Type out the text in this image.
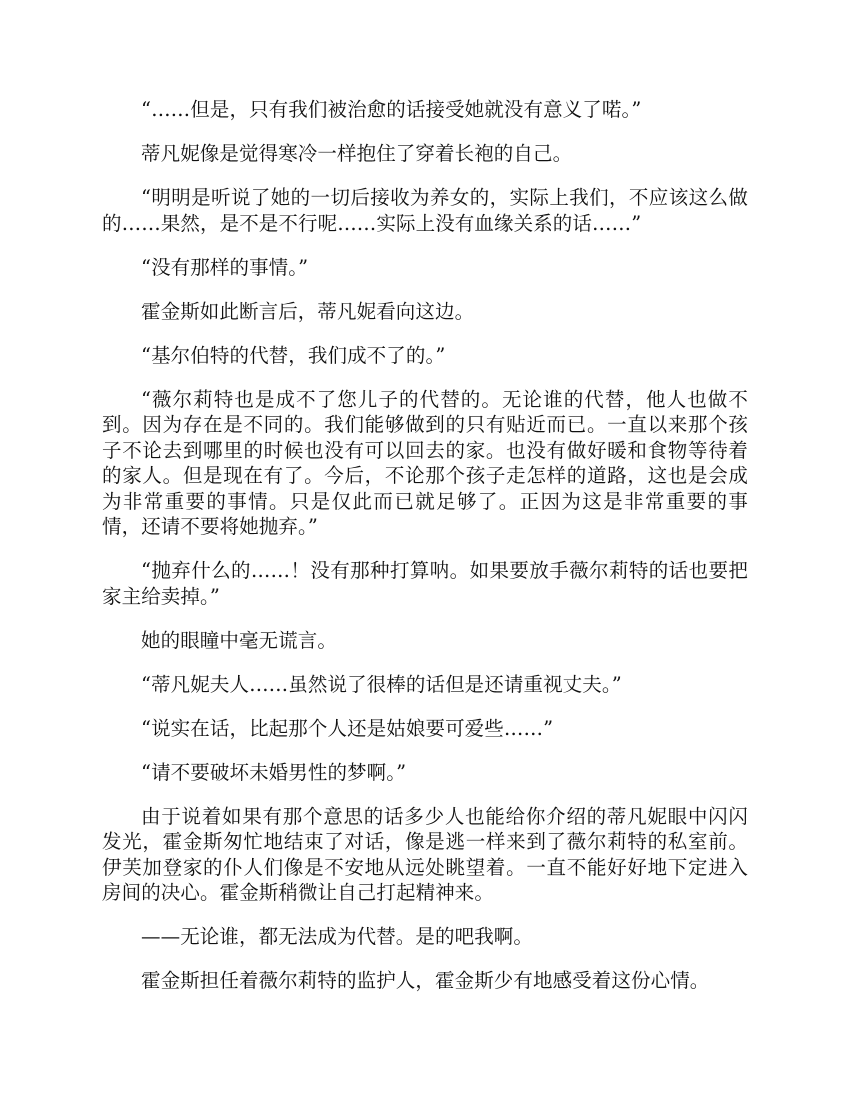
“……但是，只有我们被治愈的话接受她就没有意义了喏。”

蒂凡妮像是觉得寒冷一样抱住了穿着长袍的自己。

“明明是听说了她的一切后接收为养女的，实际上我们，不应该这么做的……果然，是不是不行呢……实际上没有血缘关系的话……”

“没有那样的事情。”

霍金斯如此断言后，蒂凡妮看向这边。

“基尔伯特的代替，我们成不了的。”

“薇尔莉特也是成不了您儿子的代替的。无论谁的代替，他人也做不到。因为存在是不同的。我们能够做到的只有贴近而已。一直以来那个孩子不论去到哪里的时候也没有可以回去的家。也没有做好暖和食物等待着的家人。但是现在有了。今后，不论那个孩子走怎样的道路，这也是会成为非常重要的事情。只是仅此而已就足够了。正因为这是非常重要的事情，还请不要将她抛弃。”

“抛弃什么的……！没有那种打算呐。如果要放手薇尔莉特的话也要把家主给卖掉。”

她的眼瞳中毫无谎言。

“蒂凡妮夫人……虽然说了很棒的话但是还请重视丈夫。”

“说实在话，比起那个人还是姑娘要可爱些……”

“请不要破坏未婚男性的梦啊。”

由于说着如果有那个意思的话多少人也能给你介绍的蒂凡妮眼中闪闪发光，霍金斯匆忙地结束了对话，像是逃一样来到了薇尔莉特的私室前。伊芙加登家的仆人们像是不安地从远处眺望着。一直不能好好地下定进入房间的决心。霍金斯稍微让自己打起精神来。

——无论谁，都无法成为代替。是的吧我啊。

霍金斯担任着薇尔莉特的监护人，霍金斯少有地感受着这份心情。
